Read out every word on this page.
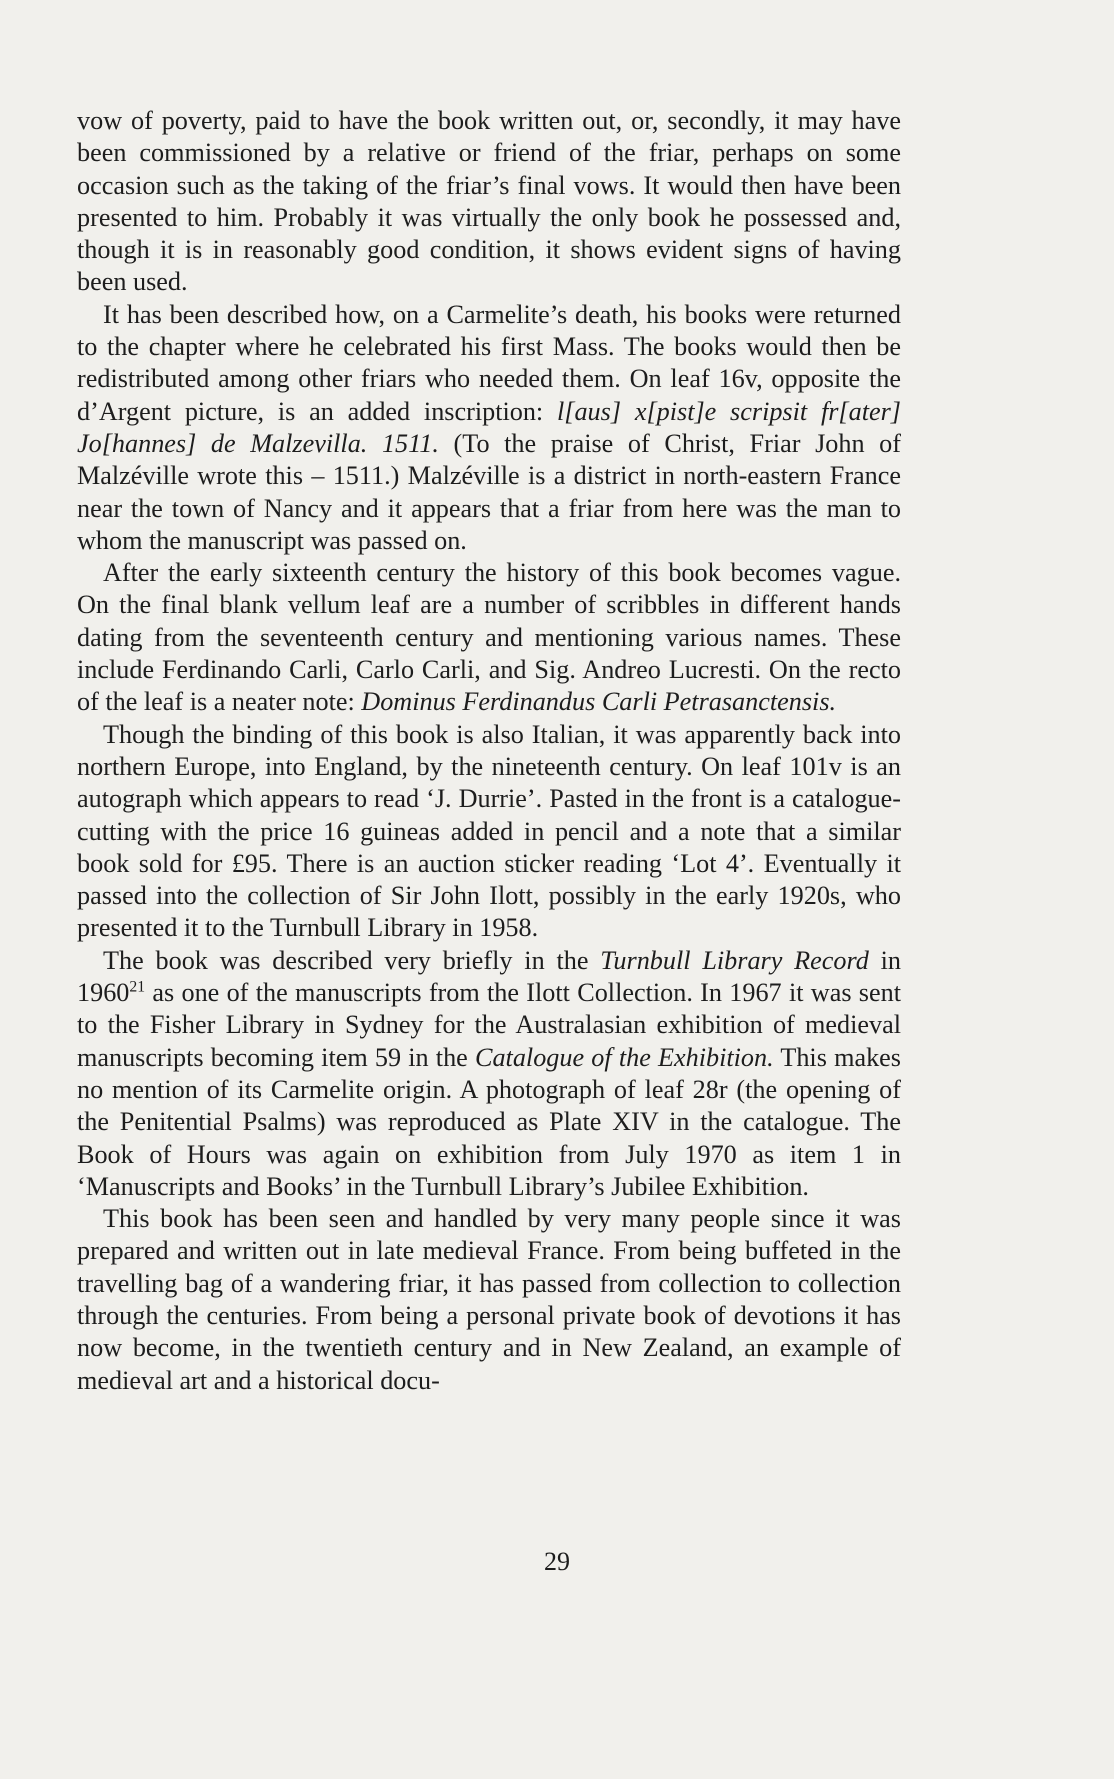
vow of poverty, paid to have the book written out, or, secondly, it may have been commissioned by a relative or friend of the friar, perhaps on some occasion such as the taking of the friar’s final vows. It would then have been presented to him. Probably it was virtually the only book he possessed and, though it is in reasonably good condition, it shows evident signs of having been used.

It has been described how, on a Carmelite’s death, his books were returned to the chapter where he celebrated his first Mass. The books would then be redistributed among other friars who needed them. On leaf 16v, opposite the d’Argent picture, is an added inscription: l[aus] x[pist]e scripsit fr[ater] Jo[hannes] de Malzevilla. 1511. (To the praise of Christ, Friar John of Malzéville wrote this – 1511.) Malzéville is a district in north-eastern France near the town of Nancy and it appears that a friar from here was the man to whom the manuscript was passed on.

After the early sixteenth century the history of this book becomes vague. On the final blank vellum leaf are a number of scribbles in different hands dating from the seventeenth century and mentioning various names. These include Ferdinando Carli, Carlo Carli, and Sig. Andreo Lucresti. On the recto of the leaf is a neater note: Dominus Ferdinandus Carli Petrasanctensis.

Though the binding of this book is also Italian, it was apparently back into northern Europe, into England, by the nineteenth century. On leaf 101v is an autograph which appears to read ‘J. Durrie’. Pasted in the front is a catalogue-cutting with the price 16 guineas added in pencil and a note that a similar book sold for £95. There is an auction sticker reading ‘Lot 4’. Eventually it passed into the collection of Sir John Ilott, possibly in the early 1920s, who presented it to the Turnbull Library in 1958.

The book was described very briefly in the Turnbull Library Record in 1960$^{21}$ as one of the manuscripts from the Ilott Collection. In 1967 it was sent to the Fisher Library in Sydney for the Australasian exhibition of medieval manuscripts becoming item 59 in the Catalogue of the Exhibition. This makes no mention of its Carmelite origin. A photograph of leaf 28r (the opening of the Penitential Psalms) was reproduced as Plate XIV in the catalogue. The Book of Hours was again on exhibition from July 1970 as item 1 in ‘Manuscripts and Books’ in the Turnbull Library’s Jubilee Exhibition.

This book has been seen and handled by very many people since it was prepared and written out in late medieval France. From being buffeted in the travelling bag of a wandering friar, it has passed from collection to collection through the centuries. From being a personal private book of devotions it has now become, in the twentieth century and in New Zealand, an example of medieval art and a historical docu-

29
